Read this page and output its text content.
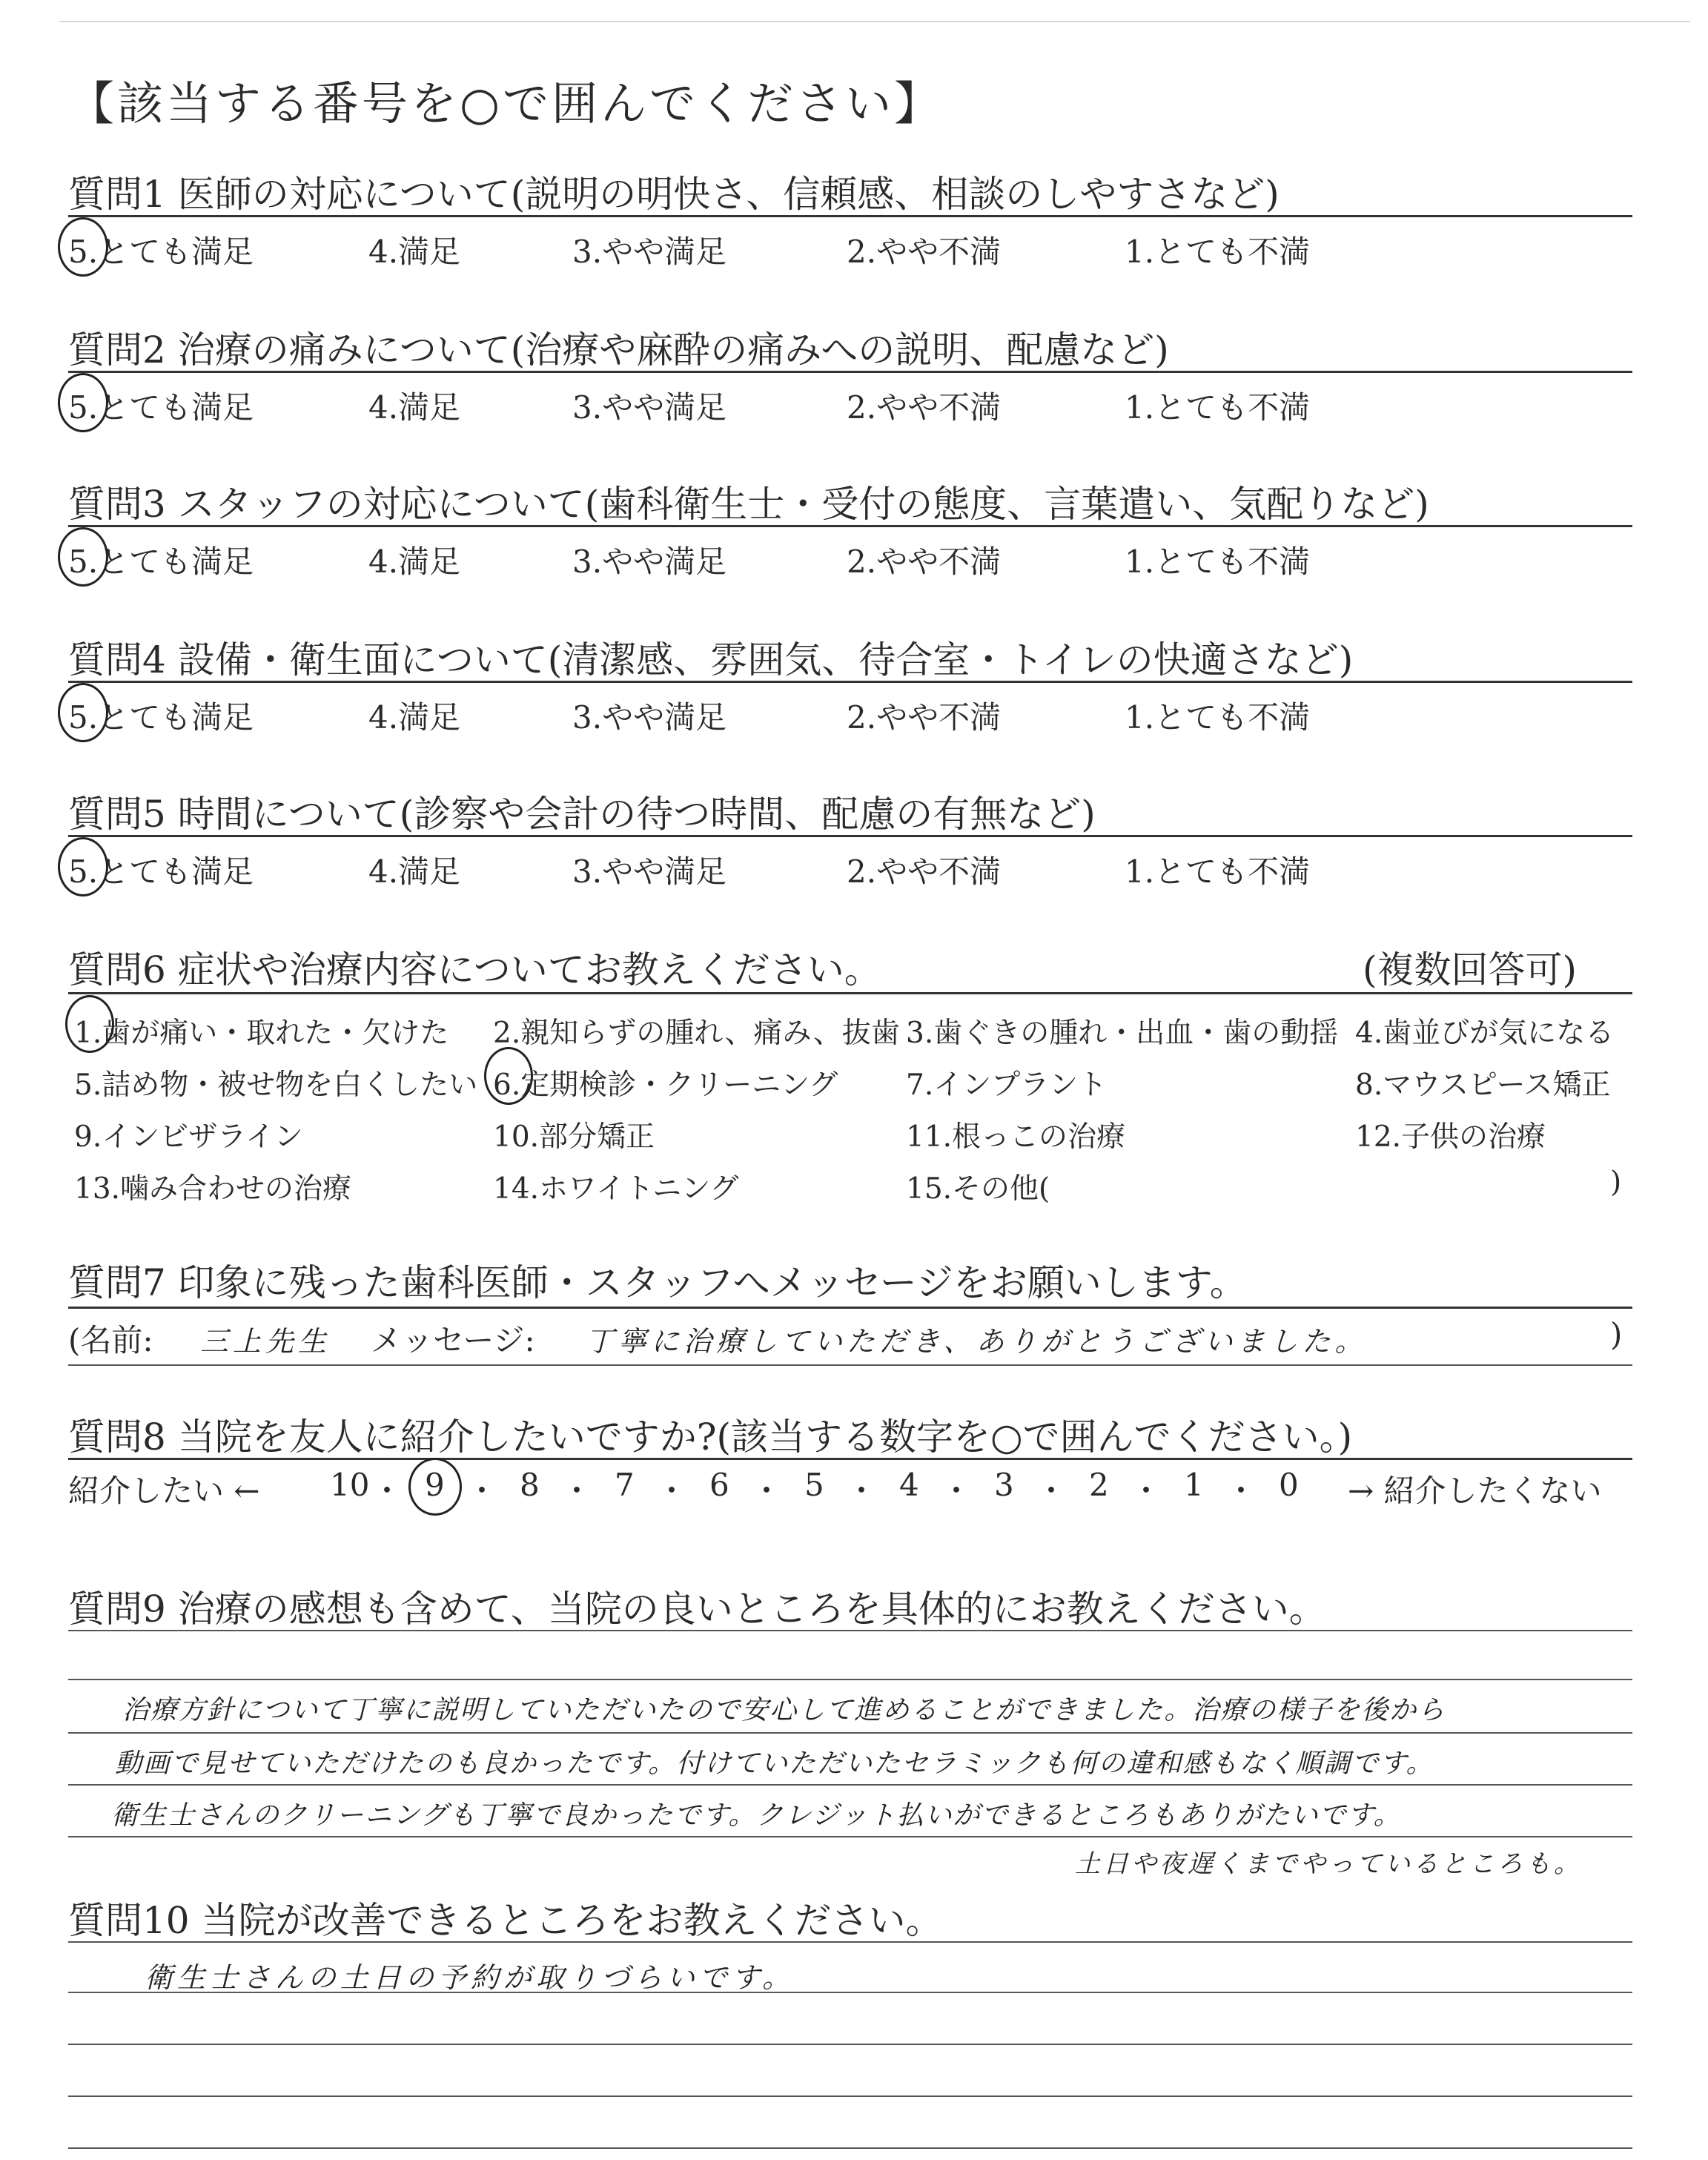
【該当する番号を○で囲んでください】
質問1 医師の対応について(説明の明快さ、信頼感、相談のしやすさなど)
5.とても満足	4.満足	3.やや満足	2.やや不満	1.とても不満
質問2 治療の痛みについて(治療や麻酔の痛みへの説明、配慮など)
5.とても満足	4.満足	3.やや満足	2.やや不満	1.とても不満
質問3 スタッフの対応について(歯科衛生士・受付の態度、言葉遣い、気配りなど)
5.とても満足	4.満足	3.やや満足	2.やや不満	1.とても不満
質問4 設備・衛生面について(清潔感、雰囲気、待合室・トイレの快適さなど)
5.とても満足	4.満足	3.やや満足	2.やや不満	1.とても不満
質問5 時間について(診察や会計の待つ時間、配慮の有無など)
5.とても満足	4.満足	3.やや満足	2.やや不満	1.とても不満
質問6 症状や治療内容についてお教えください。	(複数回答可)
1.歯が痛い・取れた・欠けた 2.親知らずの腫れ、痛み、抜歯 3.歯ぐきの腫れ・出血・歯の動揺 4.歯並びが気になる
5.詰め物・被せ物を白くしたい 6.定期検診・クリーニング 7.インプラント	8.マウスピース矯正
9.インビザライン	10.部分矯正	11.根っこの治療	12.子供の治療
13.噛み合わせの治療	14.ホワイトニング	15.その他(	)
質問7 印象に残った歯科医師・スタッフへメッセージをお願いします。
(名前: 三上先生 メッセージ: 丁寧に治療していただき、ありがとうございました。	)
質問8 当院を友人に紹介したいですか?(該当する数字を○で囲んでください。)
紹介したい ←	→ 紹介したくない
10 ・ 9 ・ 8 ・ 7 ・ 6 ・ 5 ・ 4 ・ 3 ・ 2 ・ 1 ・ 0
質問9 治療の感想も含めて、当院の良いところを具体的にお教えください。
治療方針について丁寧に説明していただいたので安心して進めることができました。治療の様子を後から
動画で見せていただけたのも良かったです。付けていただいたセラミックも何の違和感もなく順調です。
衛生士さんのクリーニングも丁寧で良かったです。クレジット払いができるところもありがたいです。
土日や夜遅くまでやっているところも。
質問10 当院が改善できるところをお教えください。
衛生士さんの土日の予約が取りづらいです。
